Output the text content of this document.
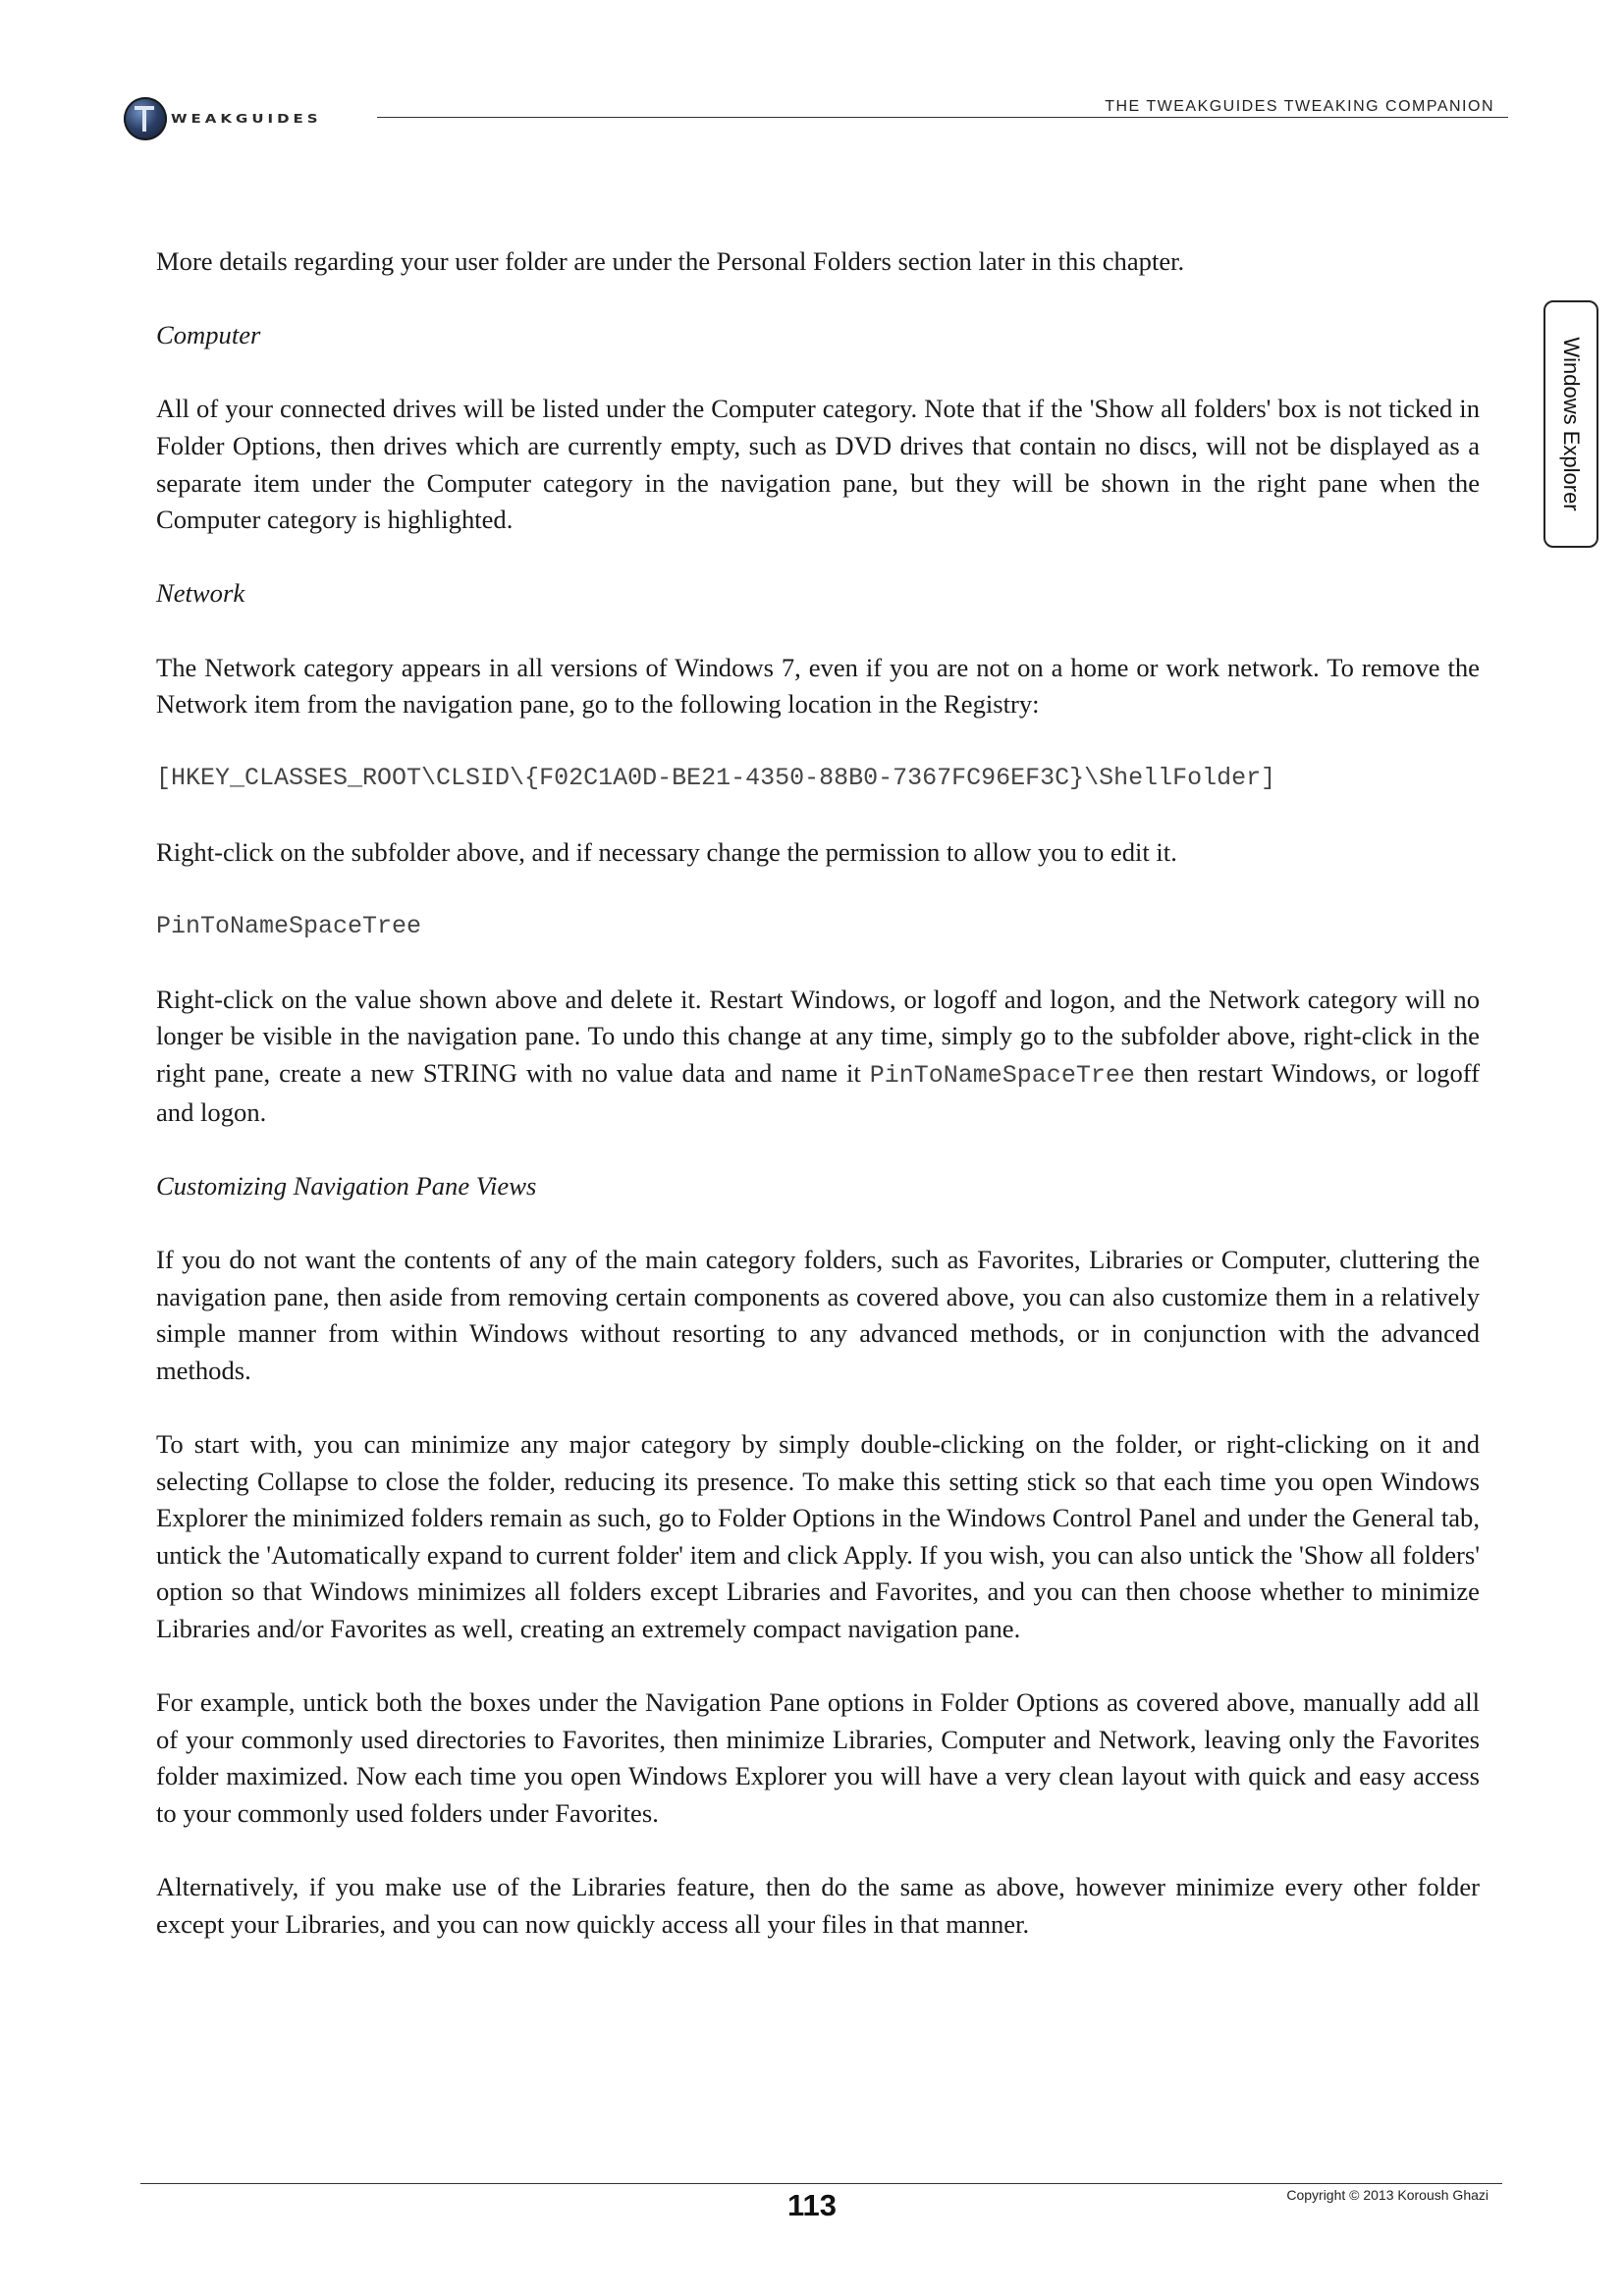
WEAKGUIDES
THE TWEAKGUIDES TWEAKING COMPANION
Windows Explorer

More details regarding your user folder are under the Personal Folders section later in this chapter.

Computer

All of your connected drives will be listed under the Computer category. Note that if the 'Show all folders' box is not ticked in Folder Options, then drives which are currently empty, such as DVD drives that contain no discs, will not be displayed as a separate item under the Computer category in the navigation pane, but they will be shown in the right pane when the Computer category is highlighted.

Network

The Network category appears in all versions of Windows 7, even if you are not on a home or work network. To remove the Network item from the navigation pane, go to the following location in the Registry:

[HKEY_CLASSES_ROOT\CLSID\{F02C1A0D-BE21-4350-88B0-7367FC96EF3C}\ShellFolder]

Right-click on the subfolder above, and if necessary change the permission to allow you to edit it.

PinToNameSpaceTree

Right-click on the value shown above and delete it. Restart Windows, or logoff and logon, and the Network category will no longer be visible in the navigation pane. To undo this change at any time, simply go to the subfolder above, right-click in the right pane, create a new STRING with no value data and name it PinToNameSpaceTree then restart Windows, or logoff and logon.

Customizing Navigation Pane Views

If you do not want the contents of any of the main category folders, such as Favorites, Libraries or Computer, cluttering the navigation pane, then aside from removing certain components as covered above, you can also customize them in a relatively simple manner from within Windows without resorting to any advanced methods, or in conjunction with the advanced methods.

To start with, you can minimize any major category by simply double-clicking on the folder, or right-clicking on it and selecting Collapse to close the folder, reducing its presence. To make this setting stick so that each time you open Windows Explorer the minimized folders remain as such, go to Folder Options in the Windows Control Panel and under the General tab, untick the 'Automatically expand to current folder' item and click Apply. If you wish, you can also untick the 'Show all folders' option so that Windows minimizes all folders except Libraries and Favorites, and you can then choose whether to minimize Libraries and/or Favorites as well, creating an extremely compact navigation pane.

For example, untick both the boxes under the Navigation Pane options in Folder Options as covered above, manually add all of your commonly used directories to Favorites, then minimize Libraries, Computer and Network, leaving only the Favorites folder maximized. Now each time you open Windows Explorer you will have a very clean layout with quick and easy access to your commonly used folders under Favorites.

Alternatively, if you make use of the Libraries feature, then do the same as above, however minimize every other folder except your Libraries, and you can now quickly access all your files in that manner.

113	Copyright © 2013 Koroush Ghazi
